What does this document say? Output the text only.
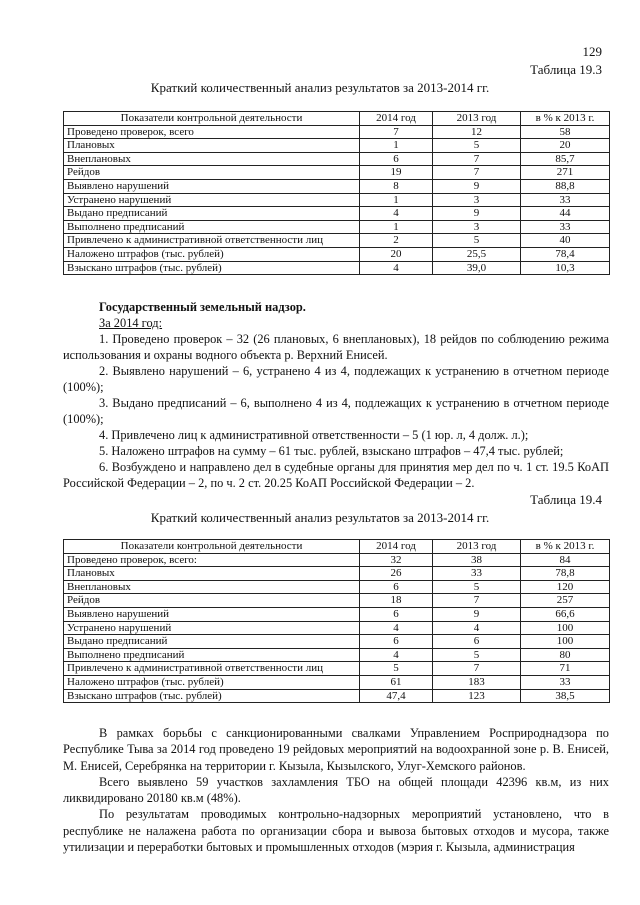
129
Таблица 19.3
Краткий количественный анализ результатов за 2013-2014 гг.
Показатели контрольной деятельности	2014 год	2013 год	в % к 2013 г.
Проведено проверок, всего	7	12	58
Плановых	1	5	20
Внеплановых	6	7	85,7
Рейдов	19	7	271
Выявлено нарушений	8	9	88,8
Устранено нарушений	1	3	33
Выдано предписаний	4	9	44
Выполнено предписаний	1	3	33
Привлечено к административной ответственности лиц	2	5	40
Наложено штрафов (тыс. рублей)	20	25,5	78,4
Взыскано штрафов (тыс. рублей)	4	39,0	10,3

Государственный земельный надзор.

За 2014 год:

1. Проведено проверок – 32 (26 плановых, 6 внеплановых), 18 рейдов по соблюдению режима использования и охраны водного объекта р. Верхний Енисей.

2. Выявлено нарушений – 6, устранено 4 из 4, подлежащих к устранению в отчетном периоде (100%);

3. Выдано предписаний – 6, выполнено 4 из 4, подлежащих к устранению в отчетном периоде (100%);

4. Привлечено лиц к административной ответственности – 5 (1 юр. л, 4 долж. л.);

5. Наложено штрафов на сумму – 61 тыс. рублей, взыскано штрафов – 47,4 тыс. рублей;

6. Возбуждено и направлено дел в судебные органы для принятия мер дел по ч. 1 ст. 19.5 КоАП Российской Федерации – 2, по ч. 2 ст. 20.25 КоАП Российской Федерации – 2.

Таблица 19.4
Краткий количественный анализ результатов за 2013-2014 гг.
Показатели контрольной деятельности	2014 год	2013 год	в % к 2013 г.
Проведено проверок, всего:	32	38	84
Плановых	26	33	78,8
Внеплановых	6	5	120
Рейдов	18	7	257
Выявлено нарушений	6	9	66,6
Устранено нарушений	4	4	100
Выдано предписаний	6	6	100
Выполнено предписаний	4	5	80
Привлечено к административной ответственности лиц	5	7	71
Наложено штрафов (тыс. рублей)	61	183	33
Взыскано штрафов (тыс. рублей)	47,4	123	38,5

В рамках борьбы с санкционированными свалками Управлением Росприроднадзора по Республике Тыва за 2014 год проведено 19 рейдовых мероприятий на водоохранной зоне р. В. Енисей, М. Енисей, Серебрянка на территории г. Кызыла, Кызылского, Улуг-Хемского районов.

Всего выявлено 59 участков захламления ТБО на общей площади 42396 кв.м, из них ликвидировано 20180 кв.м (48%).

По результатам проводимых контрольно-надзорных мероприятий установлено, что в республике не налажена работа по организации сбора и вывоза бытовых отходов и мусора, также утилизации и переработки бытовых и промышленных отходов (мэрия г. Кызыла, администрация
